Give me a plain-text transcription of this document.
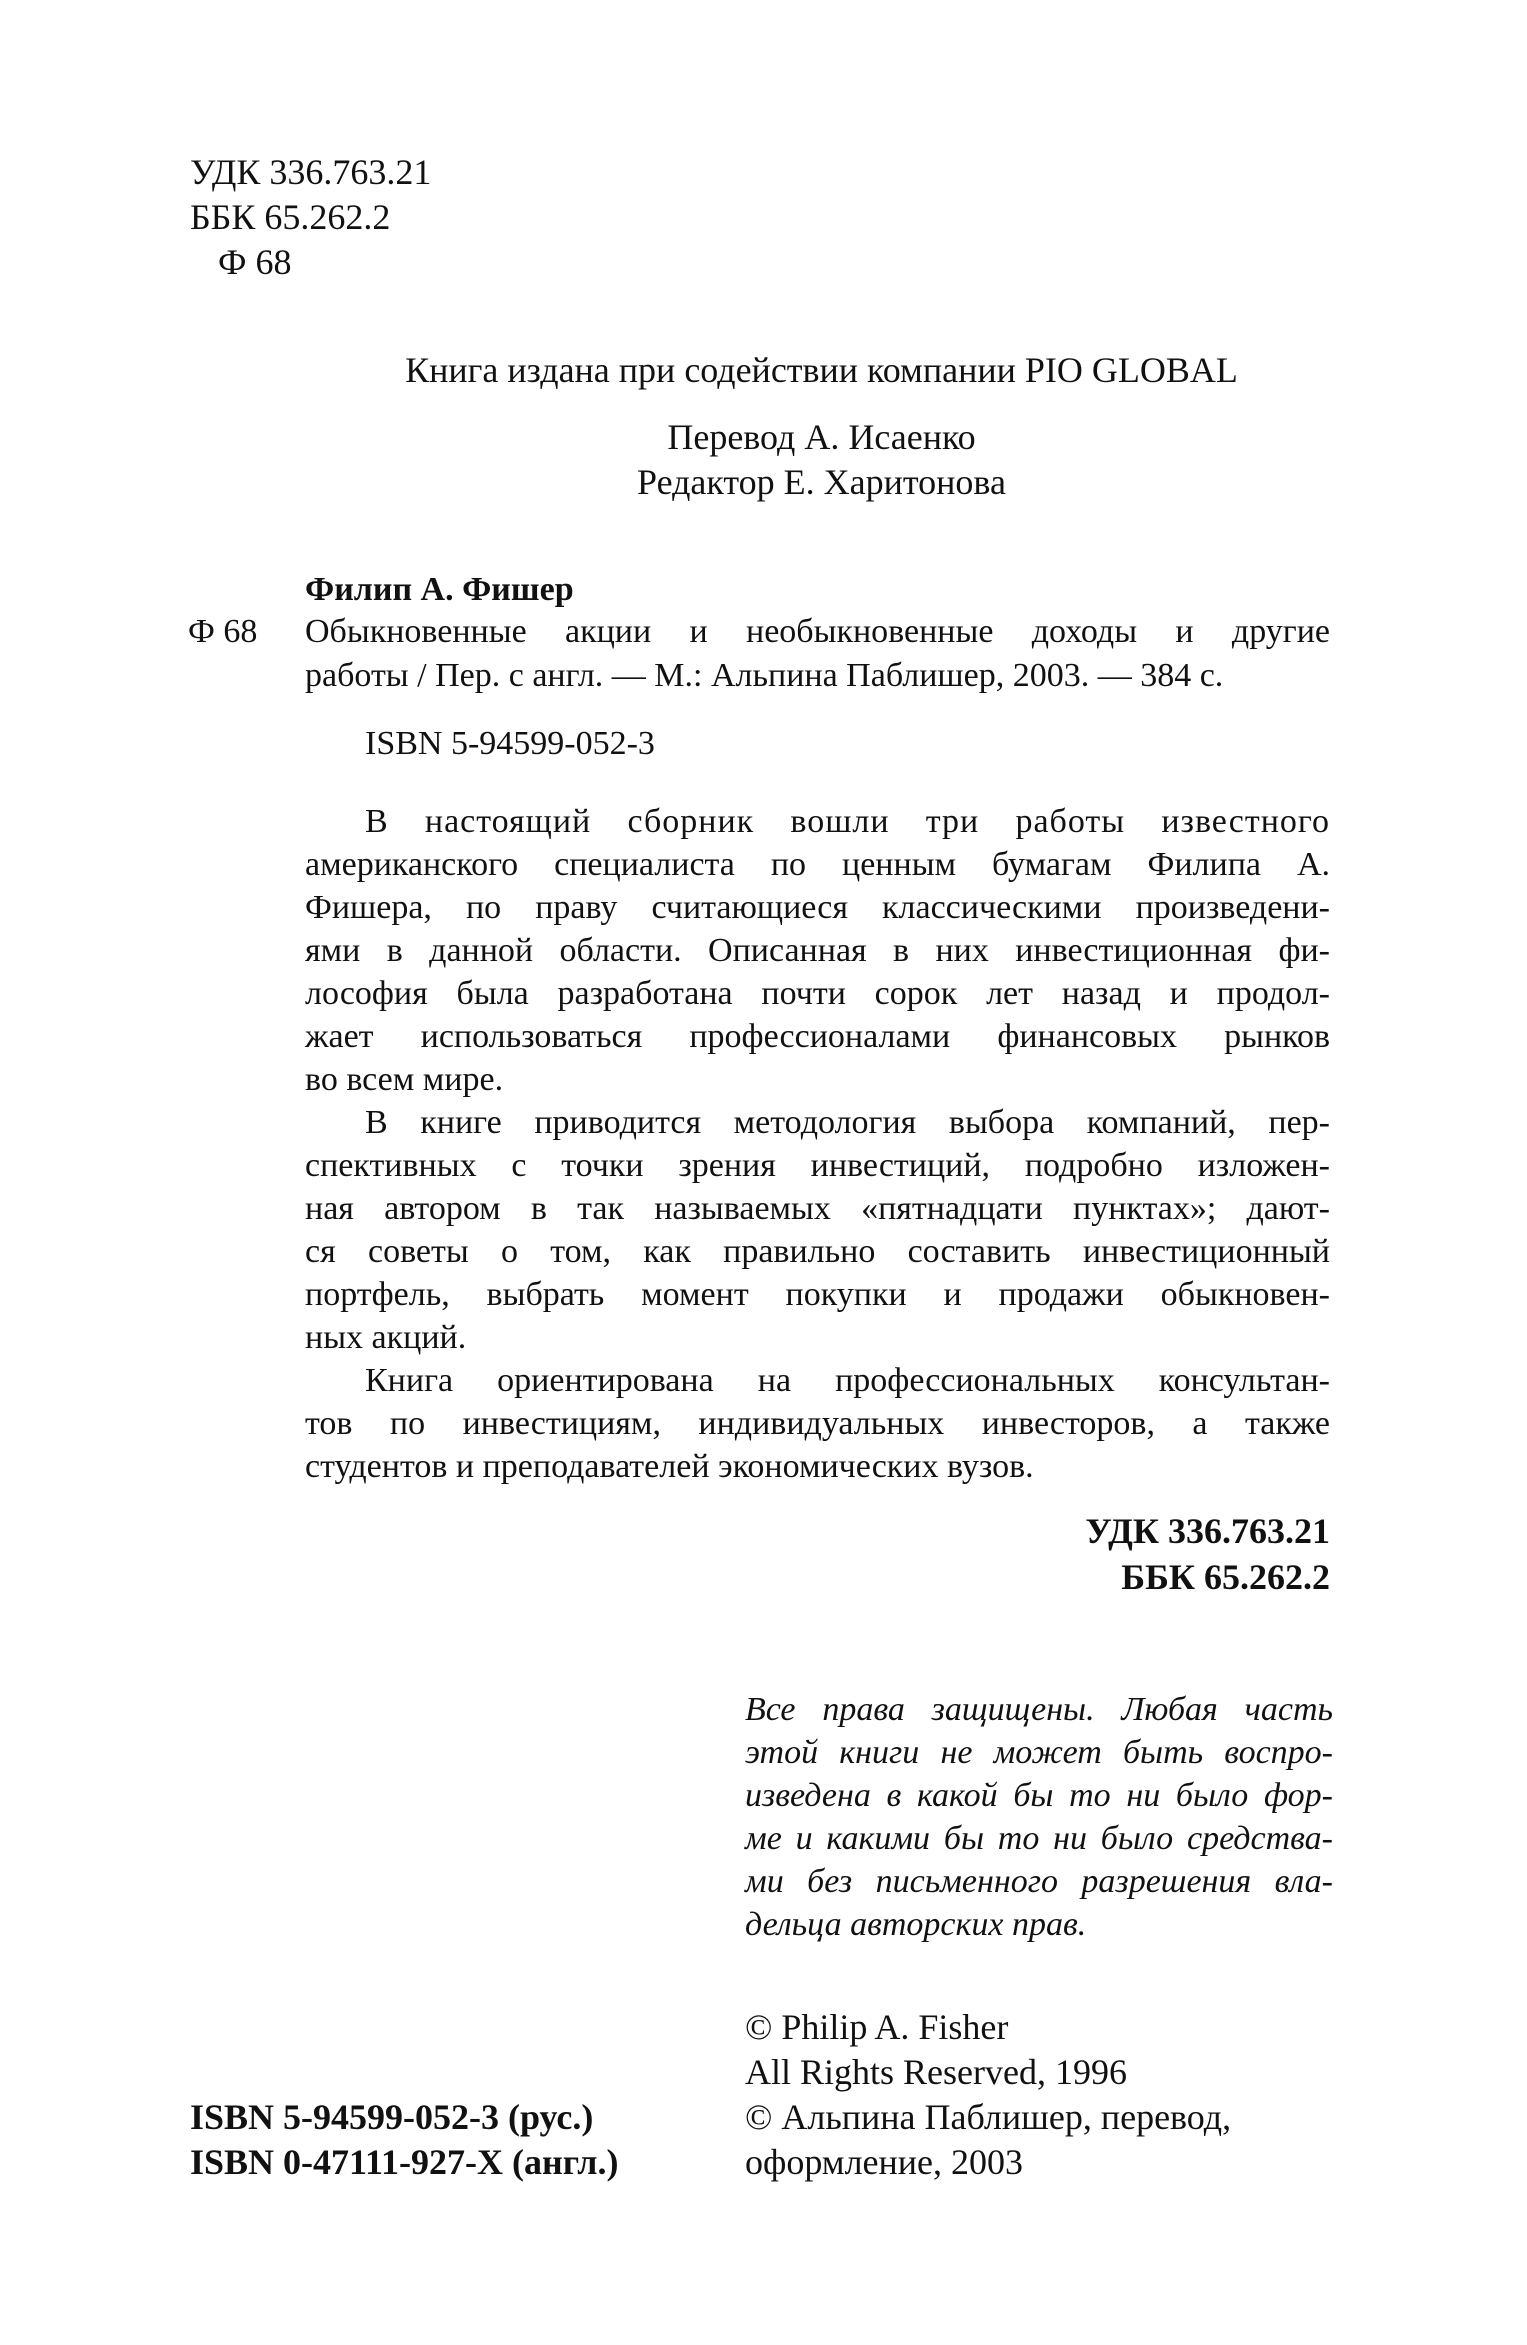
УДК 336.763.21
ББК 65.262.2
Ф 68
Книга издана при содействии компании PIO GLOBAL
Перевод А. Исаенко
Редактор Е. Харитонова
Филип А. Фишер
Ф 68 Обыкновенные акции и необыкновенные доходы и другие
работы / Пер. с англ. — М.: Альпина Паблишер, 2003. — 384 с.
ISBN 5-94599-052-3

В настоящий сборник вошли три работы известного
американского специалиста по ценным бумагам Филипа А.
Фишера, по праву считающиеся классическими произведени-
ями в данной области. Описанная в них инвестиционная фи-
лософия была разработана почти сорок лет назад и продол-
жает использоваться профессионалами финансовых рынков
во всем мире.

В книге приводится методология выбора компаний, пер-
спективных с точки зрения инвестиций, подробно изложен-
ная автором в так называемых «пятнадцати пунктах»; дают-
ся советы о том, как правильно составить инвестиционный
портфель, выбрать момент покупки и продажи обыкновен-
ных акций.

Книга ориентирована на профессиональных консультан-
тов по инвестициям, индивидуальных инвесторов, а также
студентов и преподавателей экономических вузов.

УДК 336.763.21
ББК 65.262.2
Все права защищены. Любая часть
этой книги не может быть воспро-
изведена в какой бы то ни было фор-
ме и какими бы то ни было средства-
ми без письменного разрешения вла-
дельца авторских прав.
© Philip A. Fisher
All Rights Reserved, 1996
© Альпина Паблишер, перевод,
оформление, 2003
ISBN 5-94599-052-3 (рус.)
ISBN 0-47111-927-X (англ.)
